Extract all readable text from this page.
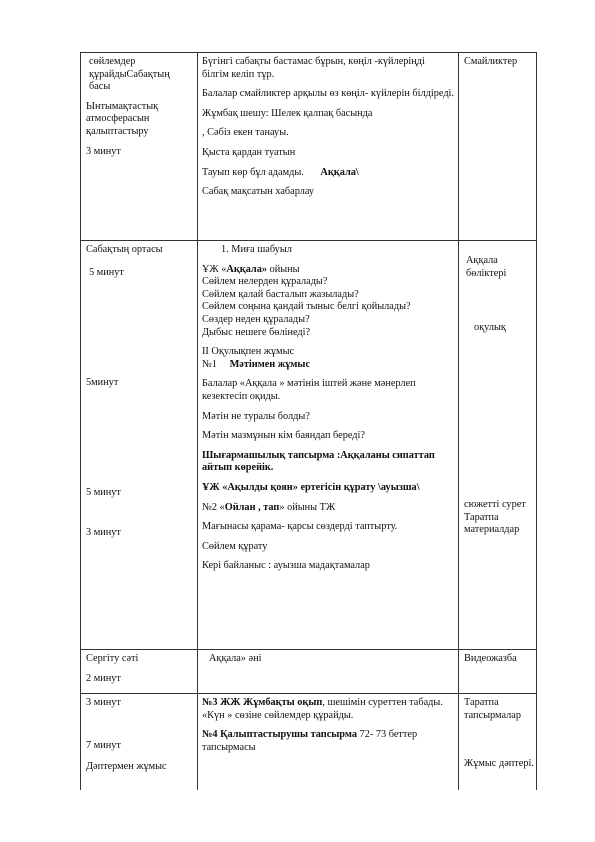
сөйлемдер құрайдыСабақтың басы

Ынтымақтастық атмосферасын қалыптастыру

3 минут

Бүгінгі сабақты бастамас бұрын, көңіл -күйлеріңді білгім келіп тұр.

Балалар смайликтер арқылы өз көңіл- күйлерін білдіреді.

Жұмбақ шешу: Шелек қалпақ басында

, Сәбіз екен танауы.

Қыста қардан туатын

Тауып көр бұл адамды. Аққала\

Сабақ мақсатын хабарлау

Смайликтер

Сабақтың ортасы

5 минут

5минут

5 минут

3 минут

1. Миға шабуыл

ҰЖ «Аққала» ойыны

Сөйлем нелерден құралады?

Сөйлем қалай басталып жазылады?

Сөйлем соңына қандай тыныс белгі қойылады?

Сөздер неден құралады?

Дыбыс нешеге бөлінеді?

ІІ Оқулықпен жұмыс

№1 Мәтінмен жұмыс

Балалар «Аққала » мәтінін іштей және мәнерлеп кезектесіп оқиды.

Мәтін не туралы болды?

Мәтін мазмұнын кім баяндап береді?

Шығармашылық тапсырма :Аққаланы сипаттап айтып көрейік.

ҰЖ «Ақылды қоян» ертегісін құрату \ауызша\

№2 «Ойлан , тап» ойыны ТЖ

Мағынасы қарама- қарсы сөздерді таптырту.

Сөйлем құрату

Кері байланыс : ауызша мадақтамалар

Аққала бөліктері

оқулық

сюжетті сурет Таратпа материалдар

Сергіту сәті

2 минут

Аққала» әні	Видеожазба

3 минут

7 минут

Дәптермен жұмыс

№3 ЖЖ Жұмбақты оқып, шешімін суреттен табады. «Күн » сөзіне сөйлемдер құрайды.

№4 Қалыптастырушы тапсырма 72- 73 беттер тапсырмасы

Таратпа тапсырмалар

Жұмыс дәптері.
